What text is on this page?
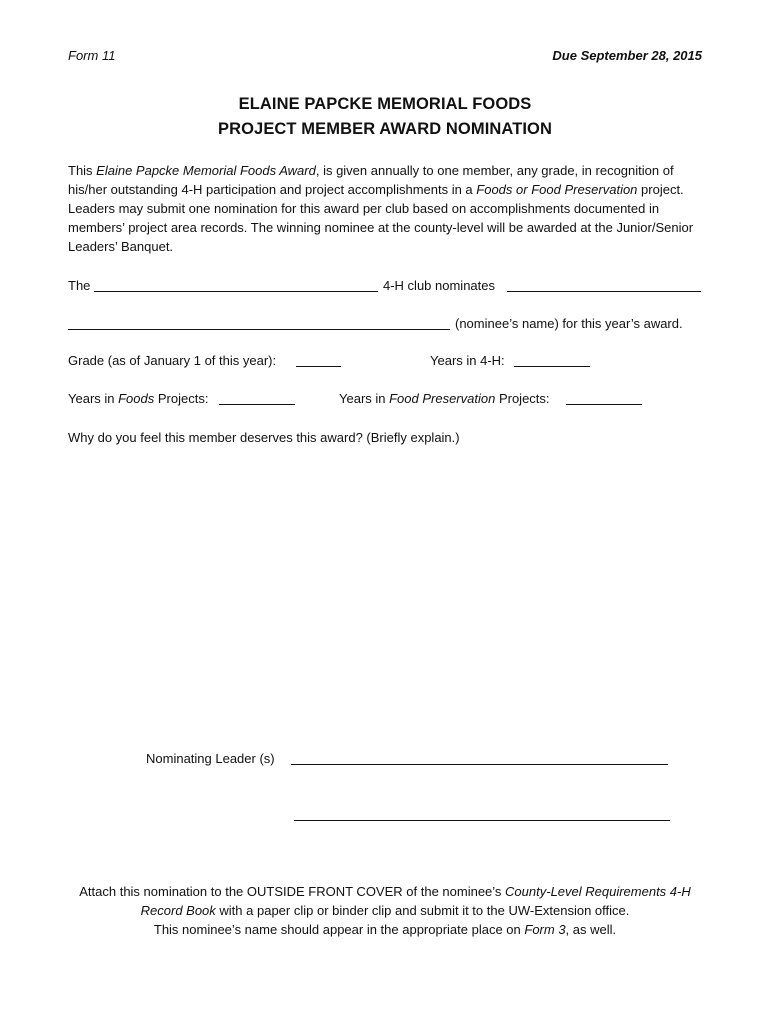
Form 11	Due September 28, 2015
ELAINE PAPCKE MEMORIAL FOODS
PROJECT MEMBER AWARD NOMINATION
This Elaine Papcke Memorial Foods Award, is given annually to one member, any grade, in recognition of his/her outstanding 4-H participation and project accomplishments in a Foods or Food Preservation project. Leaders may submit one nomination for this award per club based on accomplishments documented in members’ project area records. The winning nominee at the county-level will be awarded at the Junior/Senior Leaders’ Banquet.
The	4-H club nominates
(nominee’s name) for this year’s award.
Grade (as of January 1 of this year):	Years in 4-H:
Years in Foods Projects:	Years in Food Preservation Projects:
Why do you feel this member deserves this award? (Briefly explain.)
Nominating Leader (s)
Attach this nomination to the OUTSIDE FRONT COVER of the nominee’s County-Level Requirements 4-H
Record Book with a paper clip or binder clip and submit it to the UW-Extension office.
This nominee’s name should appear in the appropriate place on Form 3, as well.
